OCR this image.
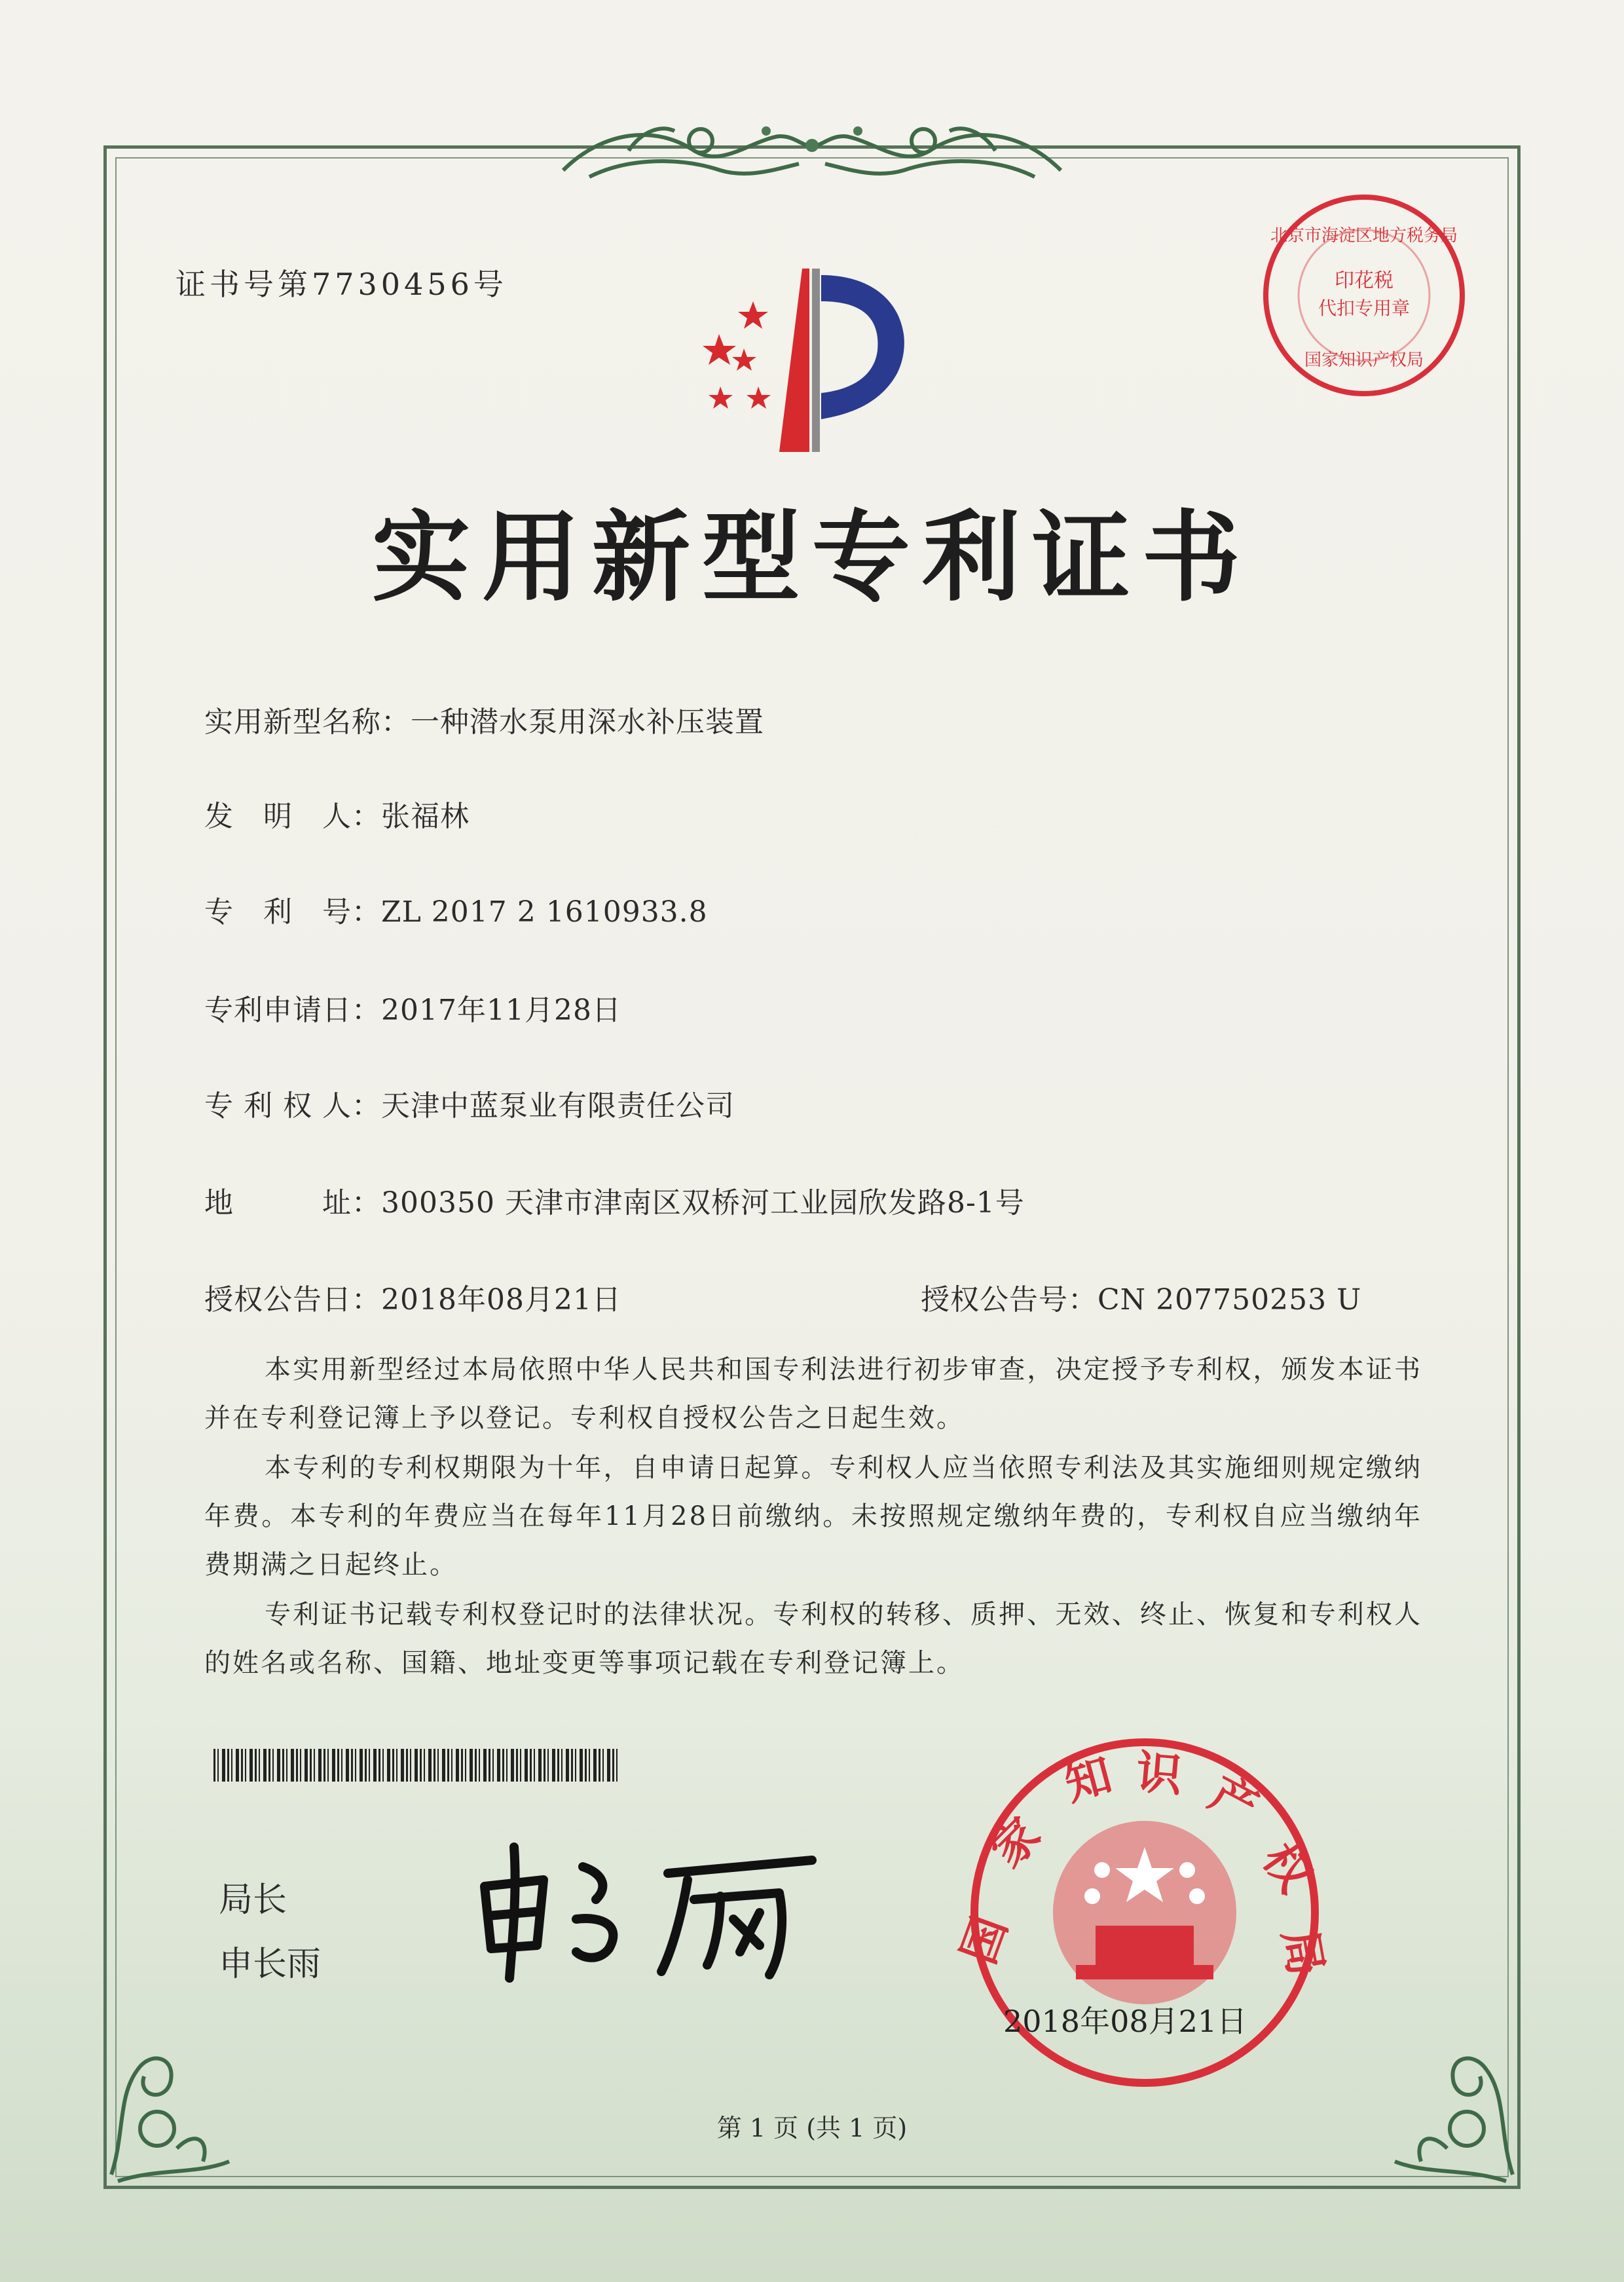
证书号第7730456号
北京市海淀区地方税务局
印花税
代扣专用章
国家知识产权局
实用新型专利证书
实用新型名称：一种潜水泵用深水补压装置
发　明　人：张福林
专　利　号：ZL 2017 2 1610933.8
专利申请日：2017年11月28日
专 利 权 人：天津中蓝泵业有限责任公司
地　　　址：300350 天津市津南区双桥河工业园欣发路8-1号
授权公告日：2018年08月21日	授权公告号：CN 207750253 U

本实用新型经过本局依照中华人民共和国专利法进行初步审查，决定授予专利权，颁发本证书并在专利登记簿上予以登记。专利权自授权公告之日起生效。

本专利的专利权期限为十年，自申请日起算。专利权人应当依照专利法及其实施细则规定缴纳年费。本专利的年费应当在每年11月28日前缴纳。未按照规定缴纳年费的，专利权自应当缴纳年费期满之日起终止。

专利证书记载专利权登记时的法律状况。专利权的转移、质押、无效、终止、恢复和专利权人的姓名或名称、国籍、地址变更等事项记载在专利登记簿上。

局长
申长雨	国
家
知 识 产
权
局
2018年08月21日
第 1 页 (共 1 页)
